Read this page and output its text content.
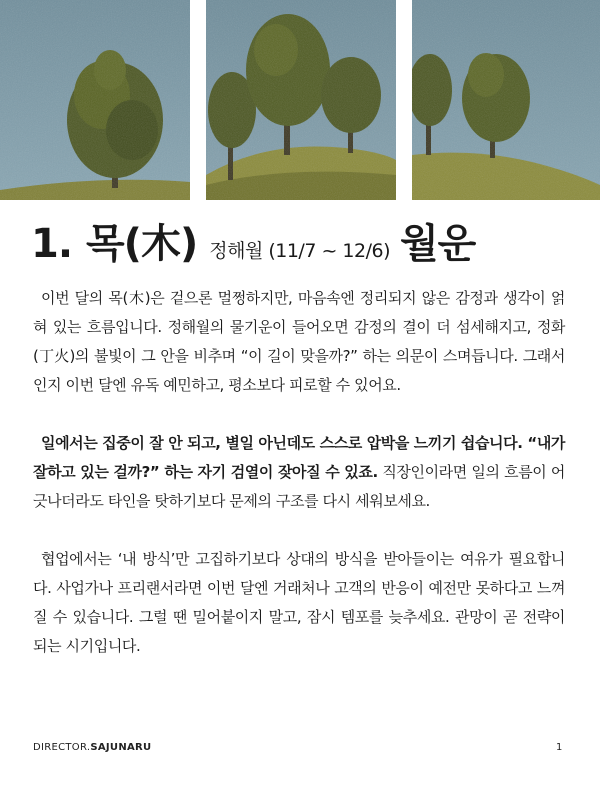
1. 목(木) 정해월 (11/7 ~ 12/6) 월운

이번 달의 목(木)은 겉으론 멀쩡하지만, 마음속엔 정리되지 않은 감정과 생각이 얽혀 있는 흐름입니다. 정해월의 물기운이 들어오면 감정의 결이 더 섬세해지고, 정화(丁火)의 불빛이 그 안을 비추며 “이 길이 맞을까?” 하는 의문이 스며듭니다. 그래서인지 이번 달엔 유독 예민하고, 평소보다 피로할 수 있어요.

일에서는 집중이 잘 안 되고, 별일 아닌데도 스스로 압박을 느끼기 쉽습니다. “내가 잘하고 있는 걸까?” 하는 자기 검열이 잦아질 수 있죠. 직장인이라면 일의 흐름이 어긋나더라도 타인을 탓하기보다 문제의 구조를 다시 세워보세요.

협업에서는 ‘내 방식’만 고집하기보다 상대의 방식을 받아들이는 여유가 필요합니다. 사업가나 프리랜서라면 이번 달엔 거래처나 고객의 반응이 예전만 못하다고 느껴질 수 있습니다. 그럴 땐 밀어붙이지 말고, 잠시 템포를 늦추세요. 관망이 곧 전략이 되는 시기입니다.

DIRECTOR.SAJUNARU	1
